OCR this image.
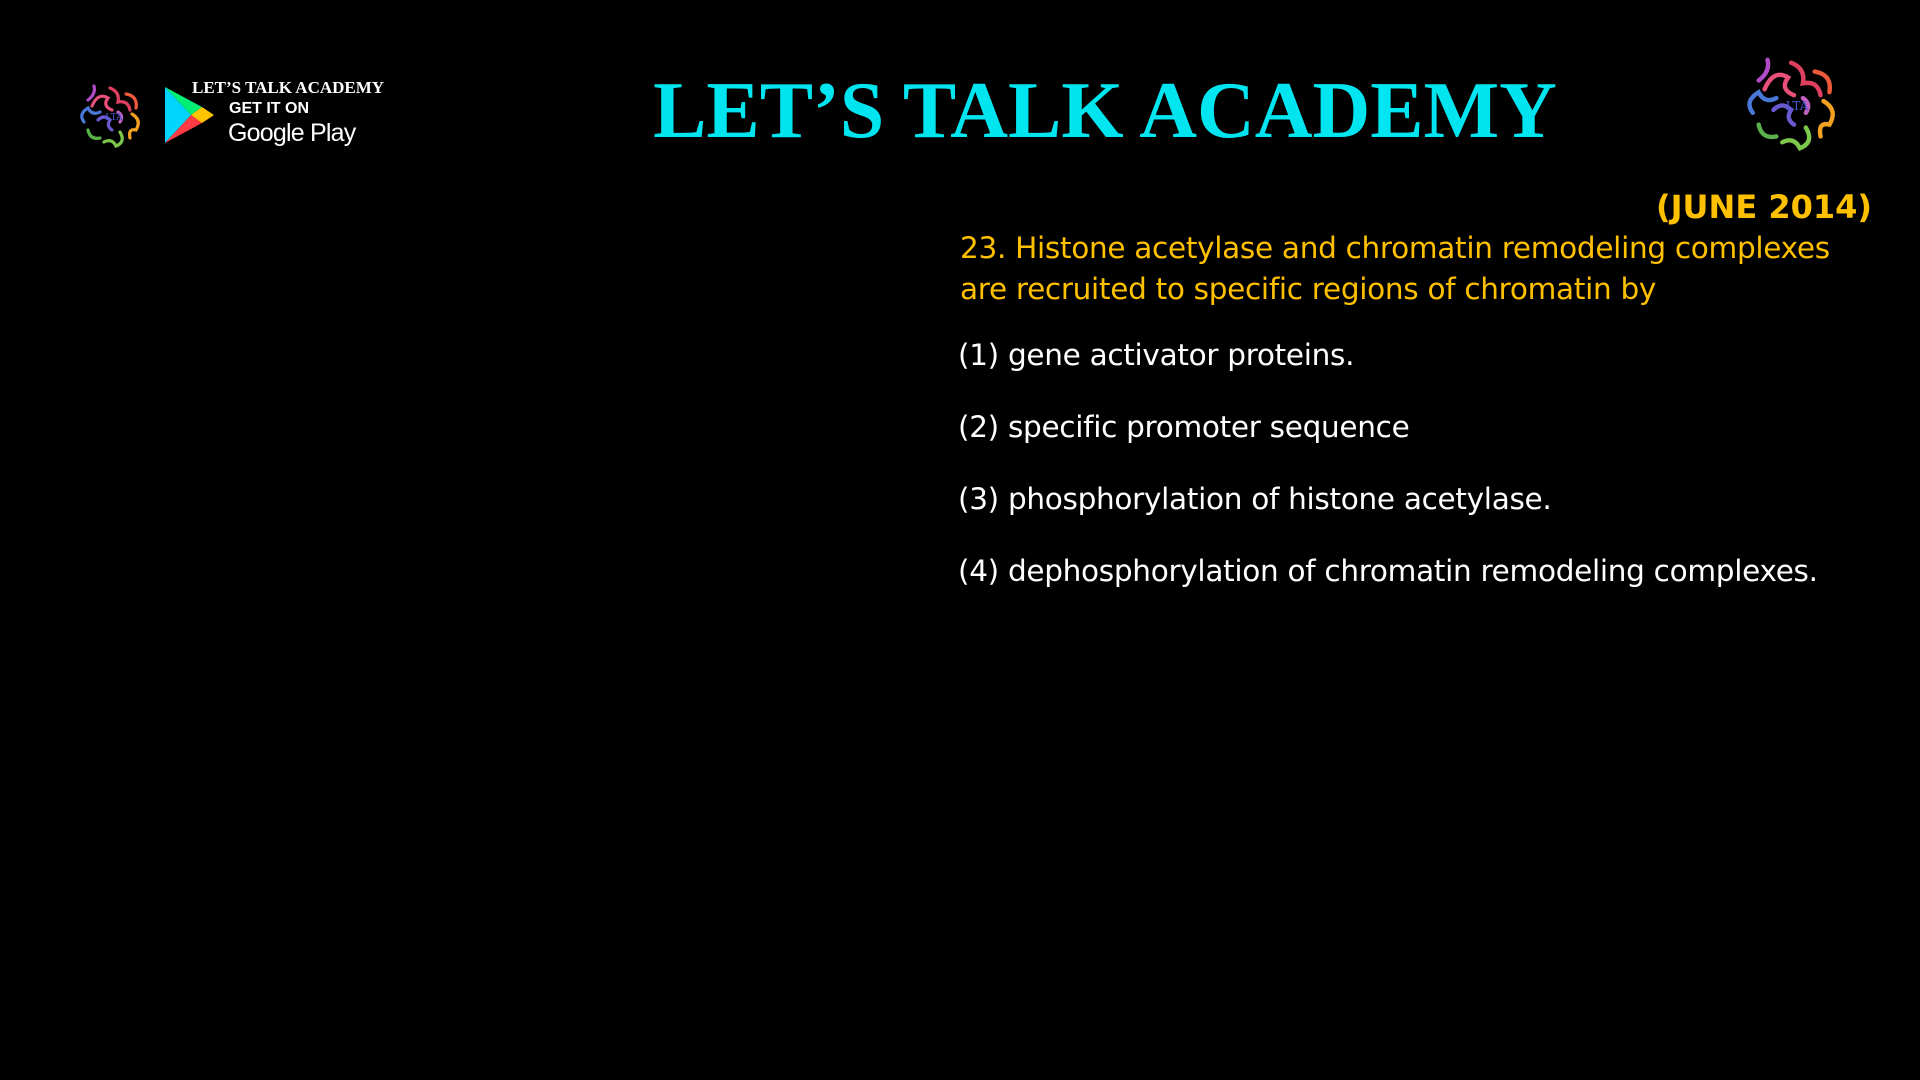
LTA
LET’S TALK ACADEMY
GET IT ON
Google Play	LET’S TALK ACADEMY	LTA
(JUNE 2014)
23. Histone acetylase and chromatin remodeling complexes are recruited to specific regions of chromatin by
(1) gene activator proteins.
(2) specific promoter sequence
(3) phosphorylation of histone acetylase.
(4) dephosphorylation of chromatin remodeling complexes.
